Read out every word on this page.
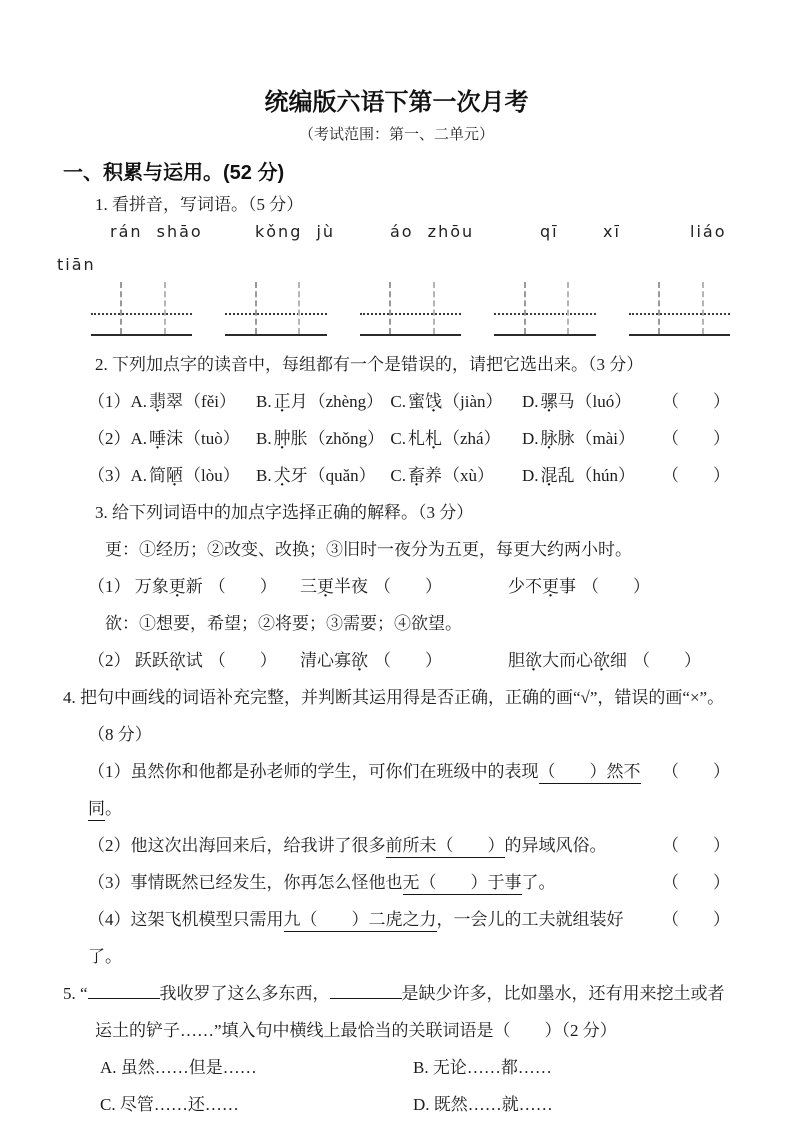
统编版六语下第一次月考

（考试范围：第一、二单元）

一、积累与运用。(52 分)

1. 看拼音，写词语。（5 分）

rán shāo	kǒng jù	áo zhōu	qī	xī	liáo

tiān

2. 下列加点字的读音中，每组都有一个是错误的，请把它选出来。（3 分）

（1）A. 翡翠（fěi）	B. 正月（zhèng） C. 蜜饯（jiàn）	D. 骡马（luó）	（　　）
（2）A. 唾沫（tuò） B. 肿胀（zhǒng） C. 札札（zhá）	D. 脉脉（mài）	（　　）
（3）A. 简陋（lòu） B. 犬牙（quǎn） C. 畜养（xù）	D. 混乱（hún）	（　　）

3. 给下列词语中的加点字选择正确的解释。（3 分）

更：①经历；②改变、改换；③旧时一夜分为五更，每更大约两小时。

（1） 万象更新 （　　）	三更半夜 （　　）	少不更事 （　　）

欲：①想要，希望；②将要；③需要；④欲望。

（2） 跃跃欲试 （　　）	清心寡欲 （　　）	胆欲大而心欲细 （　　）

4. 把句中画线的词语补充完整，并判断其运用得是否正确，正确的画“√”，错误的画“×”。

（8 分）

（1）虽然你和他都是孙老师的学生，可你们在班级中的表现（　　）然不同。
（　　）
（2）他这次出海回来后，给我讲了很多前所未（　　）的异域风俗。	（　　）
（3）事情既然已经发生，你再怎么怪他也无（　　）于事了。	（　　）
（4）这架飞机模型只需用九（　　）二虎之力，一会儿的工夫就组装好了。
（　　）

5. “	我收罗了这么多东西，	是缺少许多，比如墨水，还有用来挖土或者运土的铲子……”填入句中横线上最恰当的关联词语是（　　）（2 分）

A. 虽然……但是……	B. 无论……都……
C. 尽管……还……	D. 既然……就……
